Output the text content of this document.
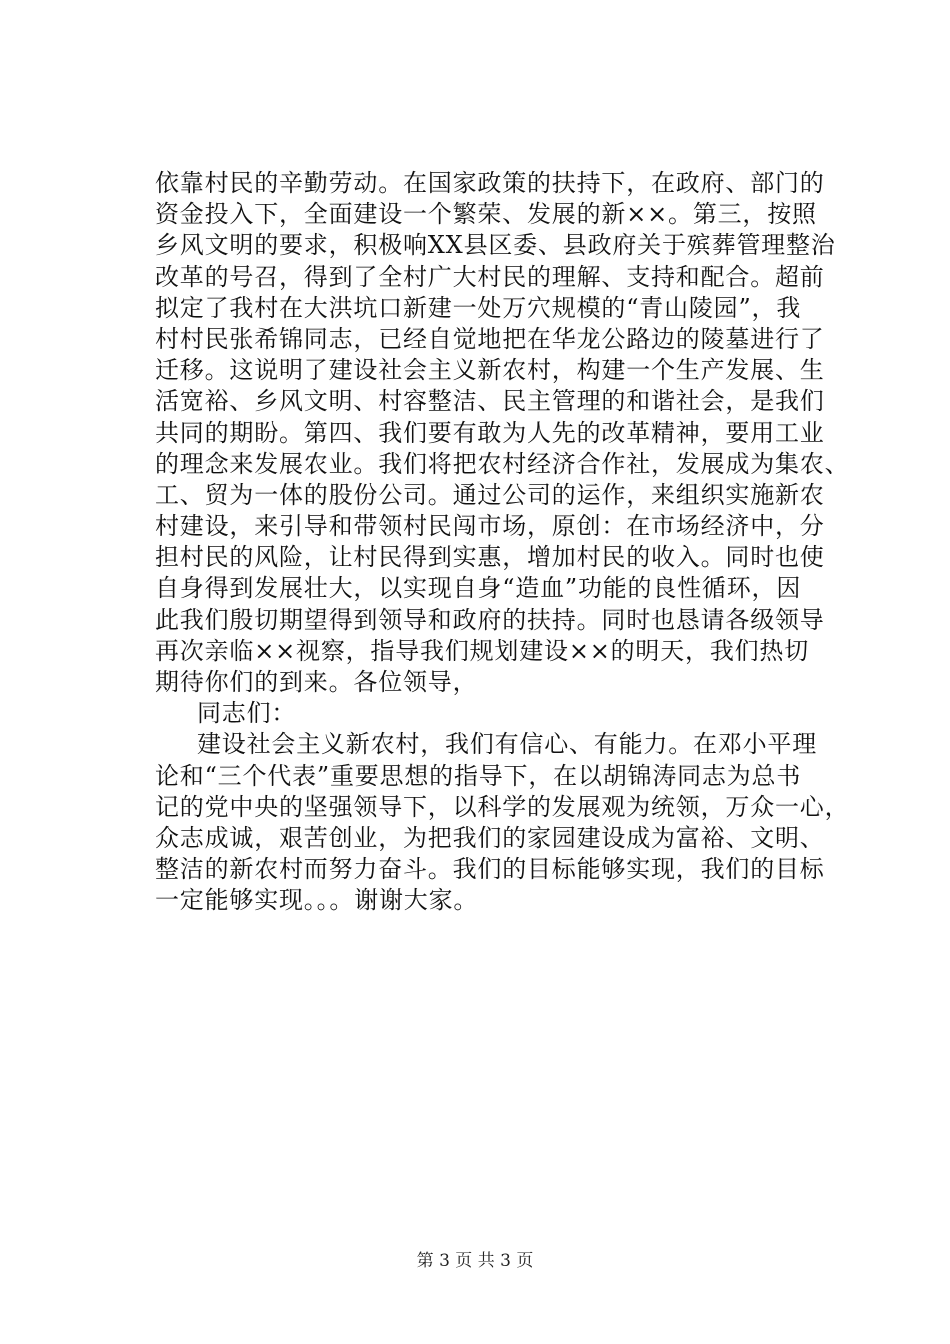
依靠村民的辛勤劳动。在国家政策的扶持下，在政府、部门的
资金投入下，全面建设一个繁荣、发展的新××。第三，按照
乡风文明的要求，积极响XX县区委、县政府关于殡葬管理整治
改革的号召，得到了全村广大村民的理解、支持和配合。超前
拟定了我村在大洪坑口新建一处万穴规模的“青山陵园”，我
村村民张希锦同志，已经自觉地把在华龙公路边的陵墓进行了
迁移。这说明了建设社会主义新农村，构建一个生产发展、生
活宽裕、乡风文明、村容整洁、民主管理的和谐社会，是我们
共同的期盼。第四、我们要有敢为人先的改革精神，要用工业
的理念来发展农业。我们将把农村经济合作社，发展成为集农、
工、贸为一体的股份公司。通过公司的运作，来组织实施新农
村建设，来引导和带领村民闯市场，原创：在市场经济中，分
担村民的风险，让村民得到实惠，增加村民的收入。同时也使
自身得到发展壮大，以实现自身“造血”功能的良性循环，因
此我们殷切期望得到领导和政府的扶持。同时也恳请各级领导
再次亲临××视察，指导我们规划建设××的明天，我们热切
期待你们的到来。各位领导，
同志们：
建设社会主义新农村，我们有信心、有能力。在邓小平理
论和“三个代表”重要思想的指导下，在以胡锦涛同志为总书
记的党中央的坚强领导下，以科学的发展观为统领，万众一心，
众志成诚，艰苦创业，为把我们的家园建设成为富裕、文明、
整洁的新农村而努力奋斗。我们的目标能够实现，我们的目标
一定能够实现。。。谢谢大家。
第 3 页 共 3 页
